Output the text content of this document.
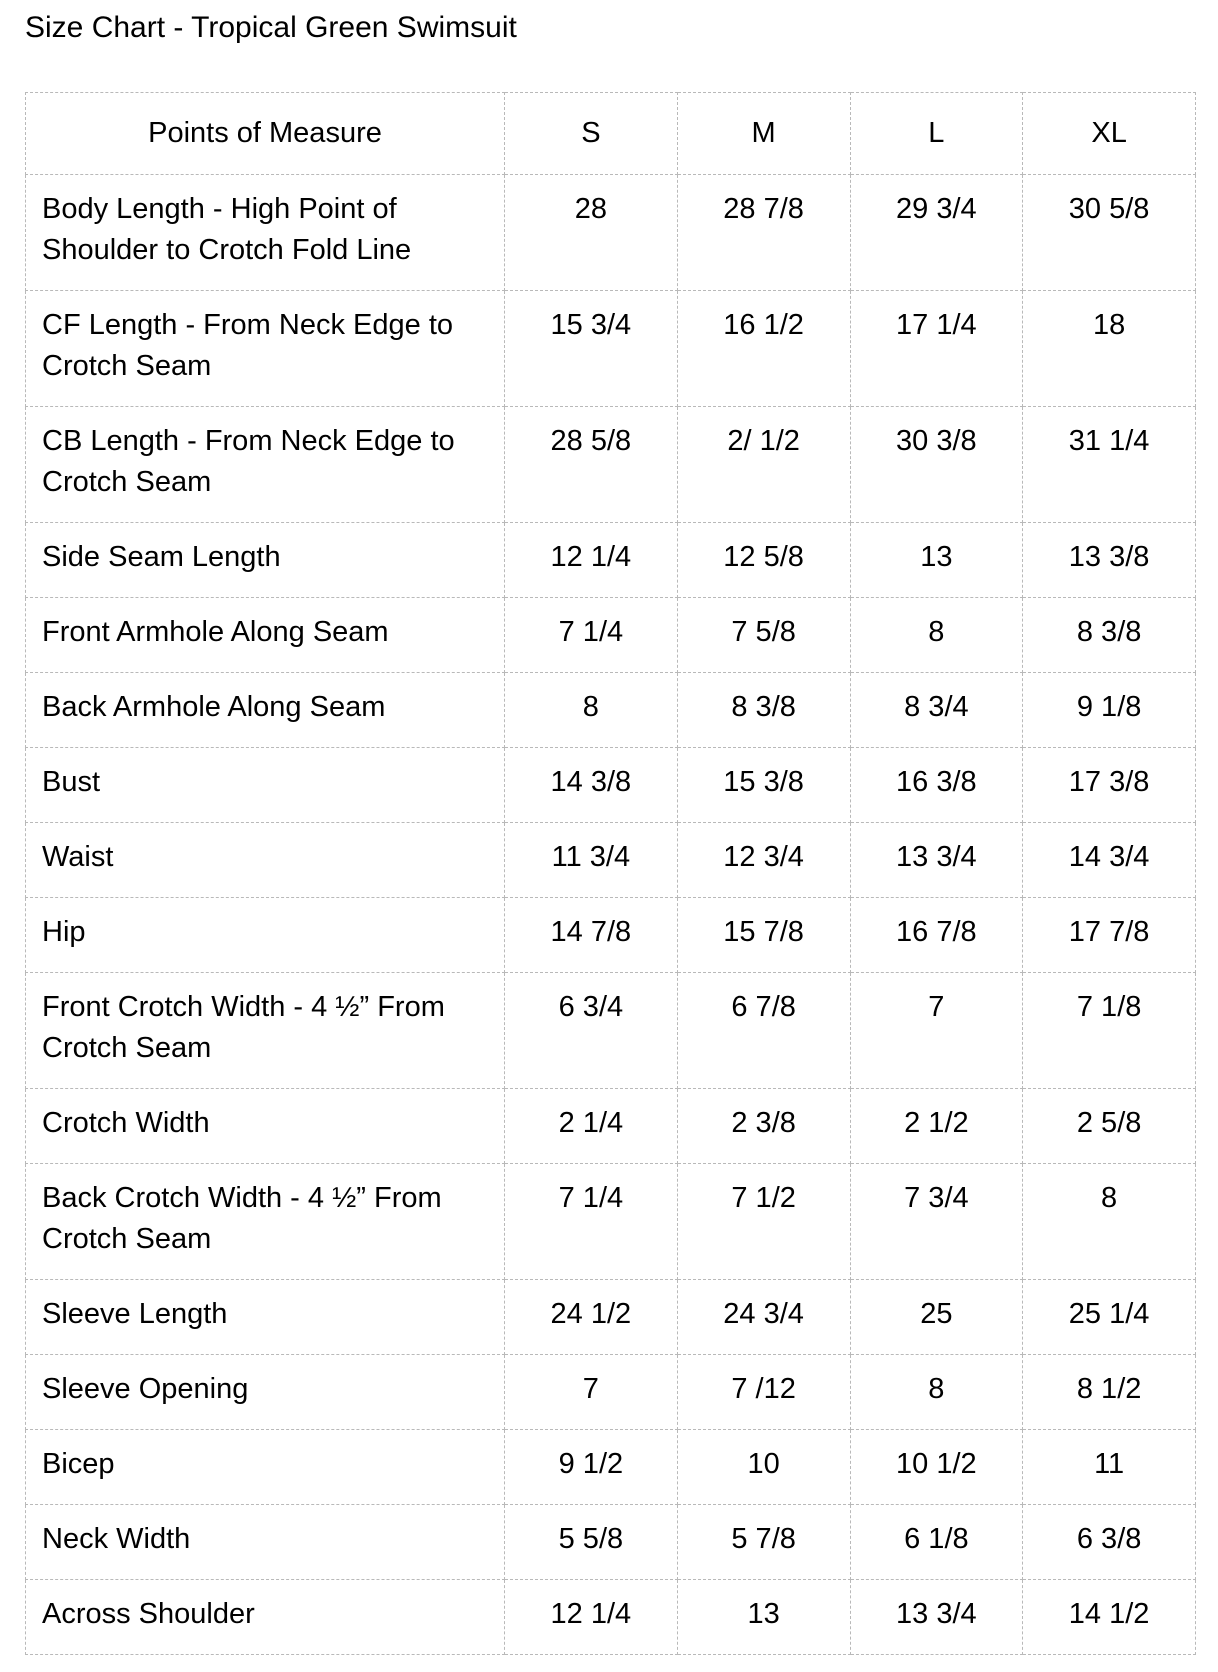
Size Chart - Tropical Green Swimsuit
Points of Measure	S	M	L	XL
Body Length - High Point of Shoulder to Crotch Fold Line	28	28 7/8	29 3/4	30 5/8
CF Length - From Neck Edge to Crotch Seam	15 3/4	16 1/2	17 1/4	18
CB Length - From Neck Edge to Crotch Seam	28 5/8	2/ 1/2	30 3/8	31 1/4
Side Seam Length	12 1/4	12 5/8	13	13 3/8
Front Armhole Along Seam	7 1/4	7 5/8	8	8 3/8
Back Armhole Along Seam	8	8 3/8	8 3/4	9 1/8
Bust	14 3/8	15 3/8	16 3/8	17 3/8
Waist	11 3/4	12 3/4	13 3/4	14 3/4
Hip	14 7/8	15 7/8	16 7/8	17 7/8
Front Crotch Width - 4 ½” From Crotch Seam	6 3/4	6 7/8	7	7 1/8
Crotch Width	2 1/4	2 3/8	2 1/2	2 5/8
Back Crotch Width - 4 ½” From Crotch Seam	7 1/4	7 1/2	7 3/4	8
Sleeve Length	24 1/2	24 3/4	25	25 1/4
Sleeve Opening	7	7 /12	8	8 1/2
Bicep	9 1/2	10	10 1/2	11
Neck Width	5 5/8	5 7/8	6 1/8	6 3/8
Across Shoulder	12 1/4	13	13 3/4	14 1/2
